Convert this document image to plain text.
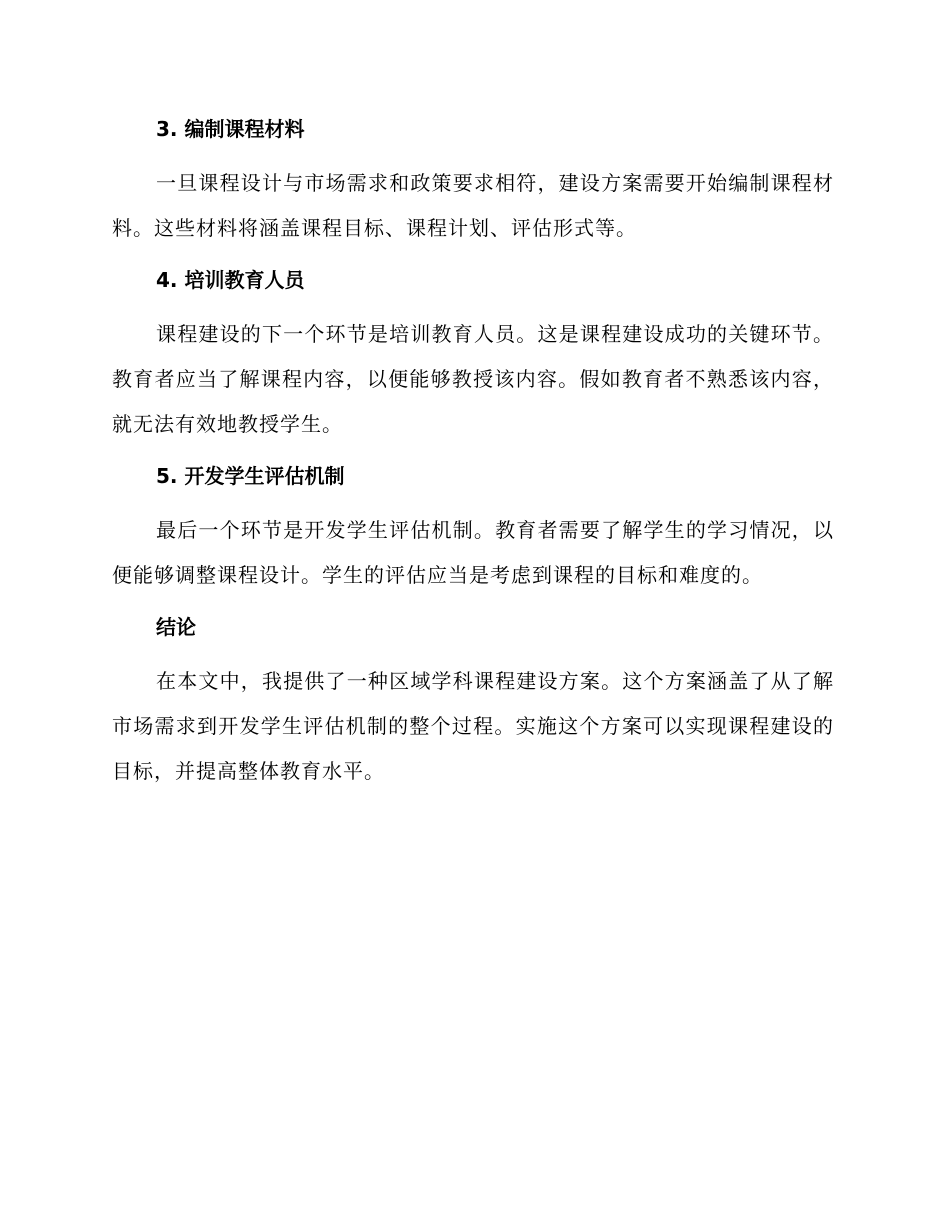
3. 编制课程材料

一旦课程设计与市场需求和政策要求相符，建设方案需要开始编制课程材料。这些材料将涵盖课程目标、课程计划、评估形式等。

4. 培训教育人员

课程建设的下一个环节是培训教育人员。这是课程建设成功的关键环节。教育者应当了解课程内容，以便能够教授该内容。假如教育者不熟悉该内容，就无法有效地教授学生。

5. 开发学生评估机制

最后一个环节是开发学生评估机制。教育者需要了解学生的学习情况，以便能够调整课程设计。学生的评估应当是考虑到课程的目标和难度的。

结论

在本文中，我提供了一种区域学科课程建设方案。这个方案涵盖了从了解市场需求到开发学生评估机制的整个过程。实施这个方案可以实现课程建设的目标，并提高整体教育水平。
